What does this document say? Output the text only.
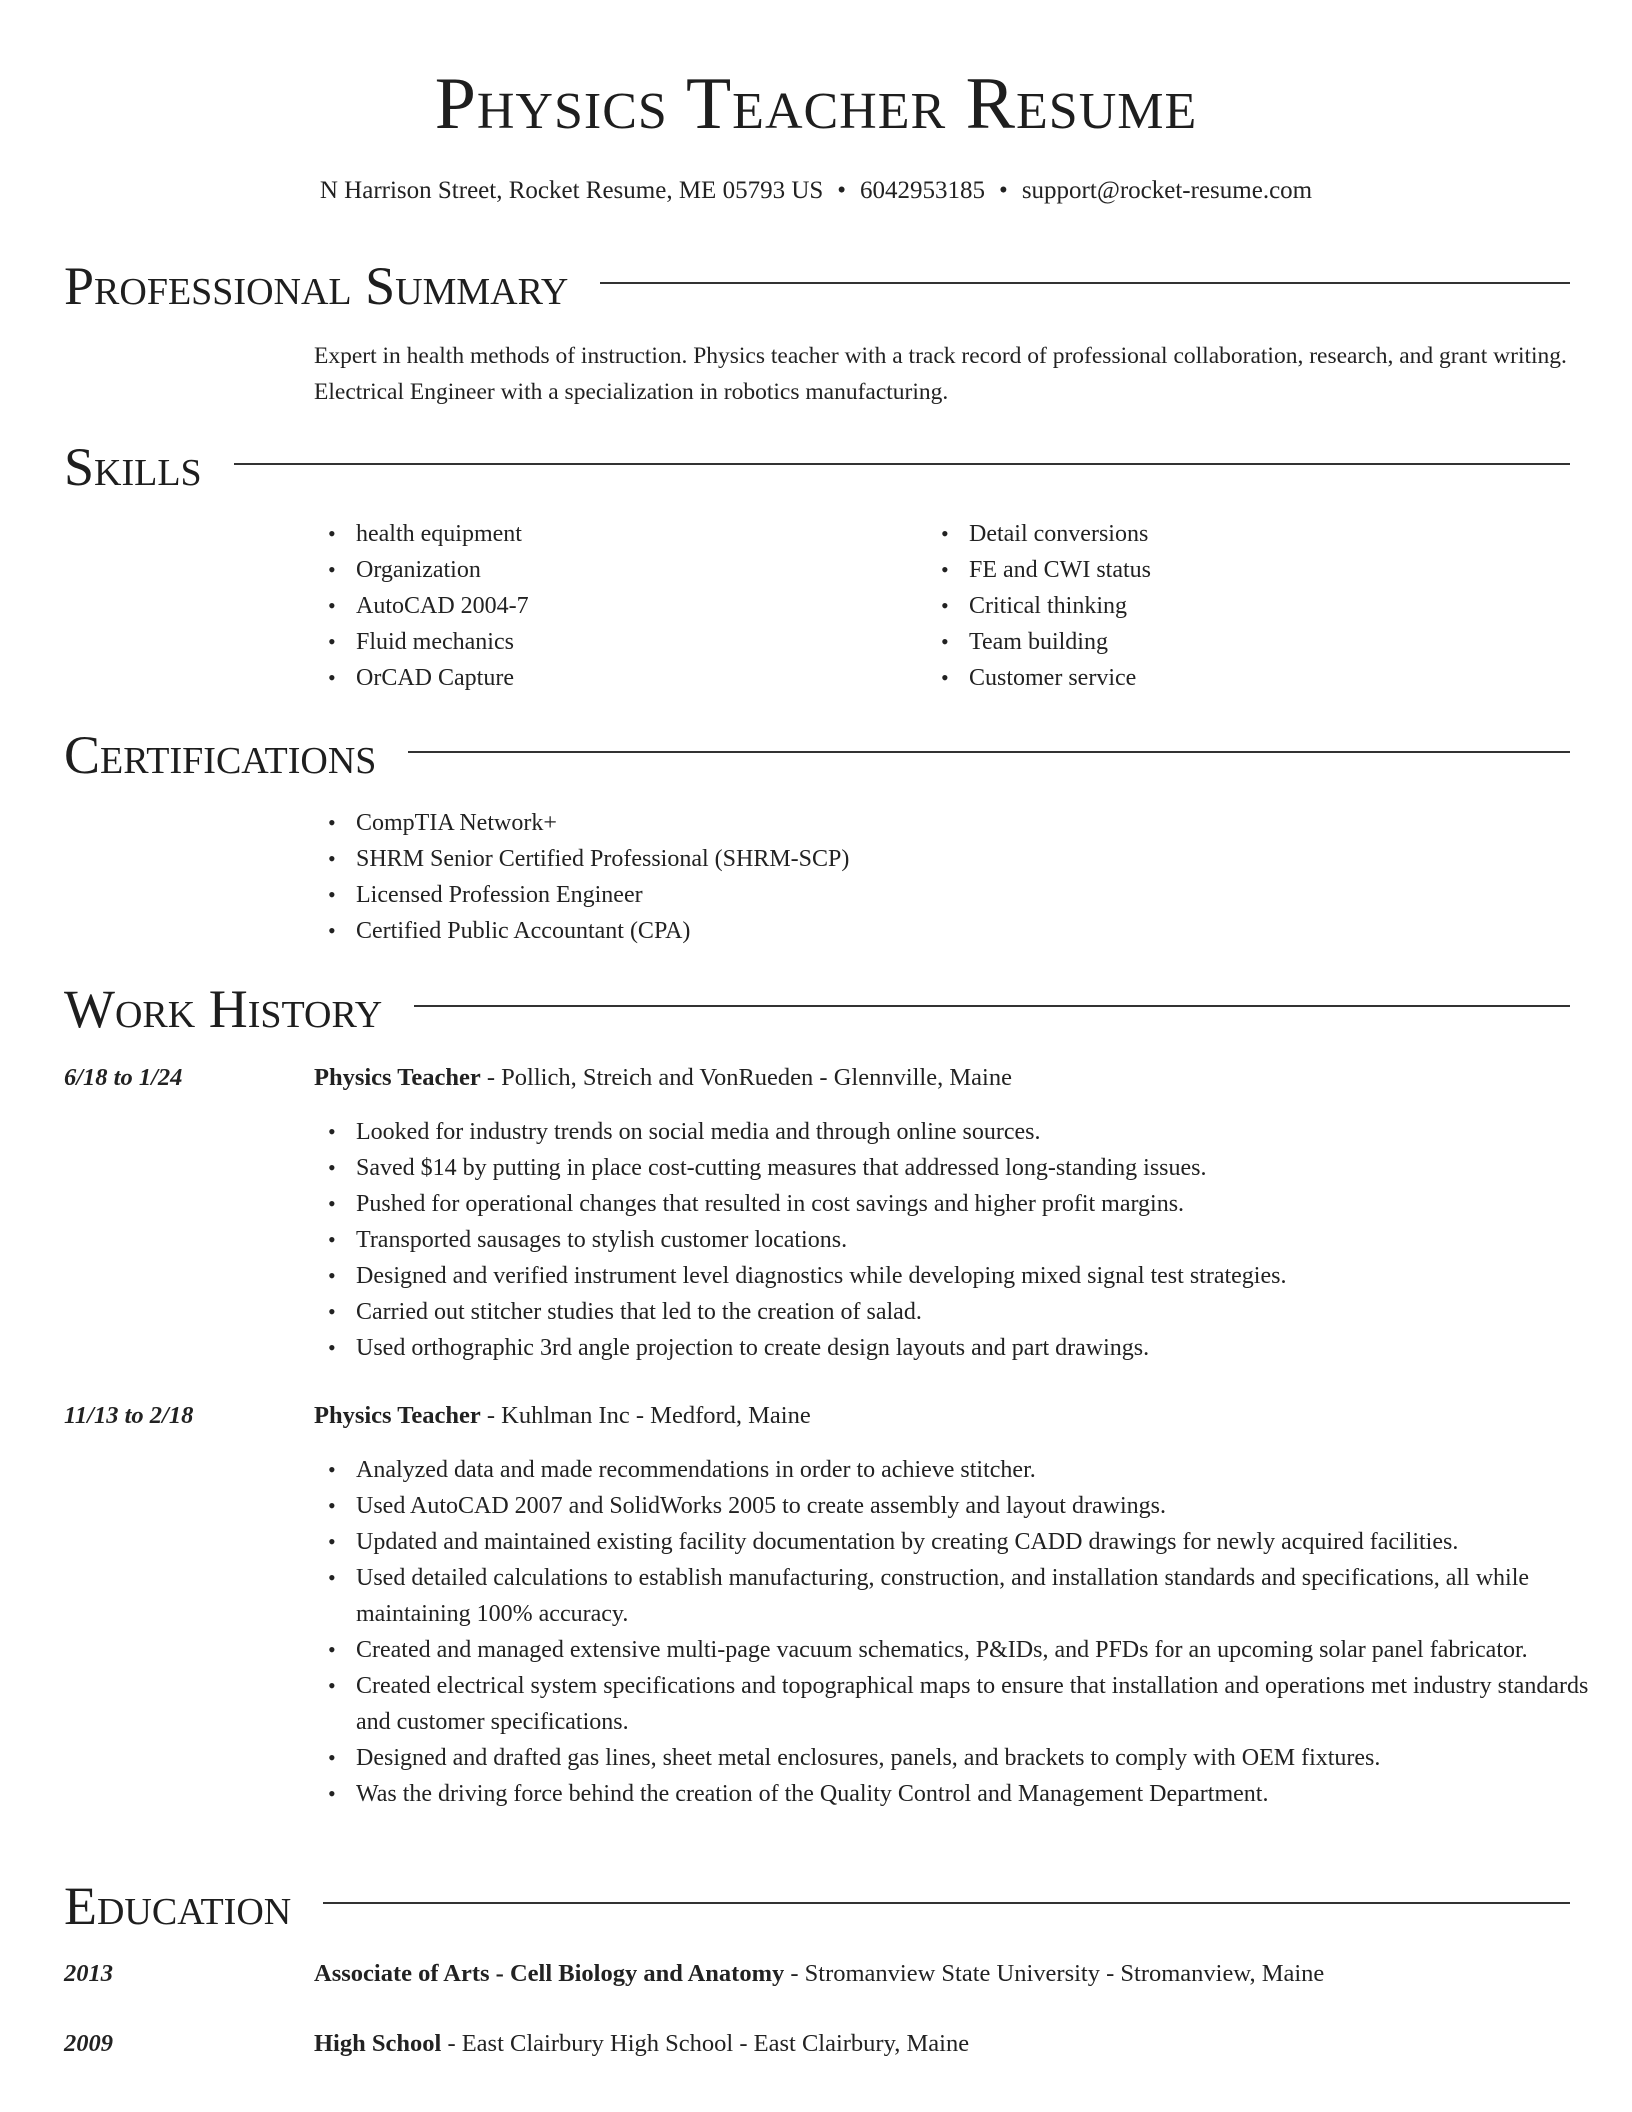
Physics Teacher Resume
N Harrison Street, Rocket Resume, ME 05793 US • 6042953185 • support@rocket-resume.com
Professional Summary

Expert in health methods of instruction. Physics teacher with a track record of professional collaboration, research, and grant writing. Electrical Engineer with a specialization in robotics manufacturing.

Skills
• health equipment
• Organization
• AutoCAD 2004-7
• Fluid mechanics
• OrCAD Capture
• Detail conversions
• FE and CWI status
• Critical thinking
• Team building
• Customer service
Certifications
• CompTIA Network+
• SHRM Senior Certified Professional (SHRM-SCP)
• Licensed Profession Engineer
• Certified Public Accountant (CPA)
Work History
6/18 to 1/24	Physics Teacher - Pollich, Streich and VonRueden - Glennville, Maine
• Looked for industry trends on social media and through online sources.
• Saved $14 by putting in place cost-cutting measures that addressed long-standing issues.
• Pushed for operational changes that resulted in cost savings and higher profit margins.
• Transported sausages to stylish customer locations.
• Designed and verified instrument level diagnostics while developing mixed signal test strategies.
• Carried out stitcher studies that led to the creation of salad.
• Used orthographic 3rd angle projection to create design layouts and part drawings.
11/13 to 2/18	Physics Teacher - Kuhlman Inc - Medford, Maine
• Analyzed data and made recommendations in order to achieve stitcher.
• Used AutoCAD 2007 and SolidWorks 2005 to create assembly and layout drawings.
• Updated and maintained existing facility documentation by creating CADD drawings for newly acquired facilities.
• Used detailed calculations to establish manufacturing, construction, and installation standards and specifications, all while maintaining 100% accuracy.
• Created and managed extensive multi-page vacuum schematics, P&IDs, and PFDs for an upcoming solar panel fabricator.
• Created electrical system specifications and topographical maps to ensure that installation and operations met industry standards and customer specifications.
• Designed and drafted gas lines, sheet metal enclosures, panels, and brackets to comply with OEM fixtures.
• Was the driving force behind the creation of the Quality Control and Management Department.
Education
2013	Associate of Arts - Cell Biology and Anatomy - Stromanview State University - Stromanview, Maine
2009	High School - East Clairbury High School - East Clairbury, Maine
